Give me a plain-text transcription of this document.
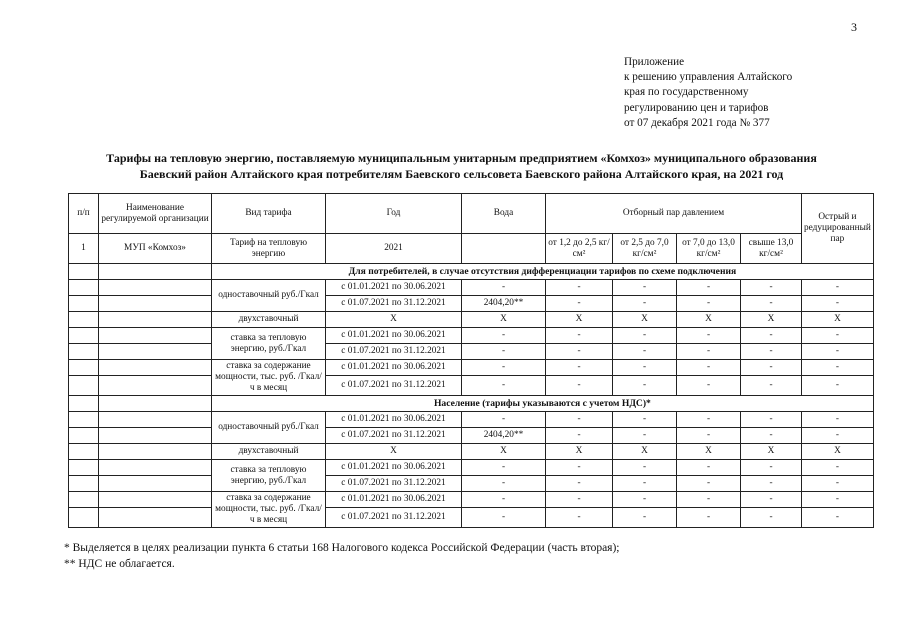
3
Приложение
к решению управления Алтайского
края по государственному
регулированию цен и тарифов
от 07 декабря 2021 года № 377
Тарифы на тепловую энергию, поставляемую муниципальным унитарным предприятием «Комхоз» муниципального образования
Баевский район Алтайского края потребителям Баевского сельсовета Баевского района Алтайского края, на 2021 год
п/п	Наименование регулируемой организации	Вид тарифа	Год	Вода	Отборный пар давлением				Острый и редуцированный пар
1	МУП «Комхоз»	Тариф на тепловую энергию	2021		от 1,2 до 2,5 кг/см²	от 2,5 до 7,0 кг/см²	от 7,0 до 13,0 кг/см²	свыше 13,0 кг/см²	
		Для потребителей, в случае отсутствия дифференциации тарифов по схеме подключения							
		одноставочный руб./Гкал	с 01.01.2021 по 30.06.2021	-	-	-	-	-	-
			с 01.07.2021 по 31.12.2021	2404,20**	-	-	-	-	-
		двухставочный	X	X	X	X	X	X	X
		ставка за тепловую энергию, руб./Гкал	с 01.01.2021 по 30.06.2021	-	-	-	-	-	-
			с 01.07.2021 по 31.12.2021	-	-	-	-	-	-
		ставка за содержание мощности, тыс. руб. /Гкал/ч в месяц	с 01.01.2021 по 30.06.2021	-	-	-	-	-	-
			с 01.07.2021 по 31.12.2021	-	-	-	-	-	-
		Население (тарифы указываются с учетом НДС)*							
		одноставочный руб./Гкал	с 01.01.2021 по 30.06.2021	-	-	-	-	-	-
			с 01.07.2021 по 31.12.2021	2404,20**	-	-	-	-	-
		двухставочный	X	X	X	X	X	X	X
		ставка за тепловую энергию, руб./Гкал	с 01.01.2021 по 30.06.2021	-	-	-	-	-	-
			с 01.07.2021 по 31.12.2021	-	-	-	-	-	-
		ставка за содержание мощности, тыс. руб. /Гкал/ч в месяц	с 01.01.2021 по 30.06.2021	-	-	-	-	-	-
			с 01.07.2021 по 31.12.2021	-	-	-	-	-	-
* Выделяется в целях реализации пункта 6 статьи 168 Налогового кодекса Российской Федерации (часть вторая);
** НДС не облагается.
